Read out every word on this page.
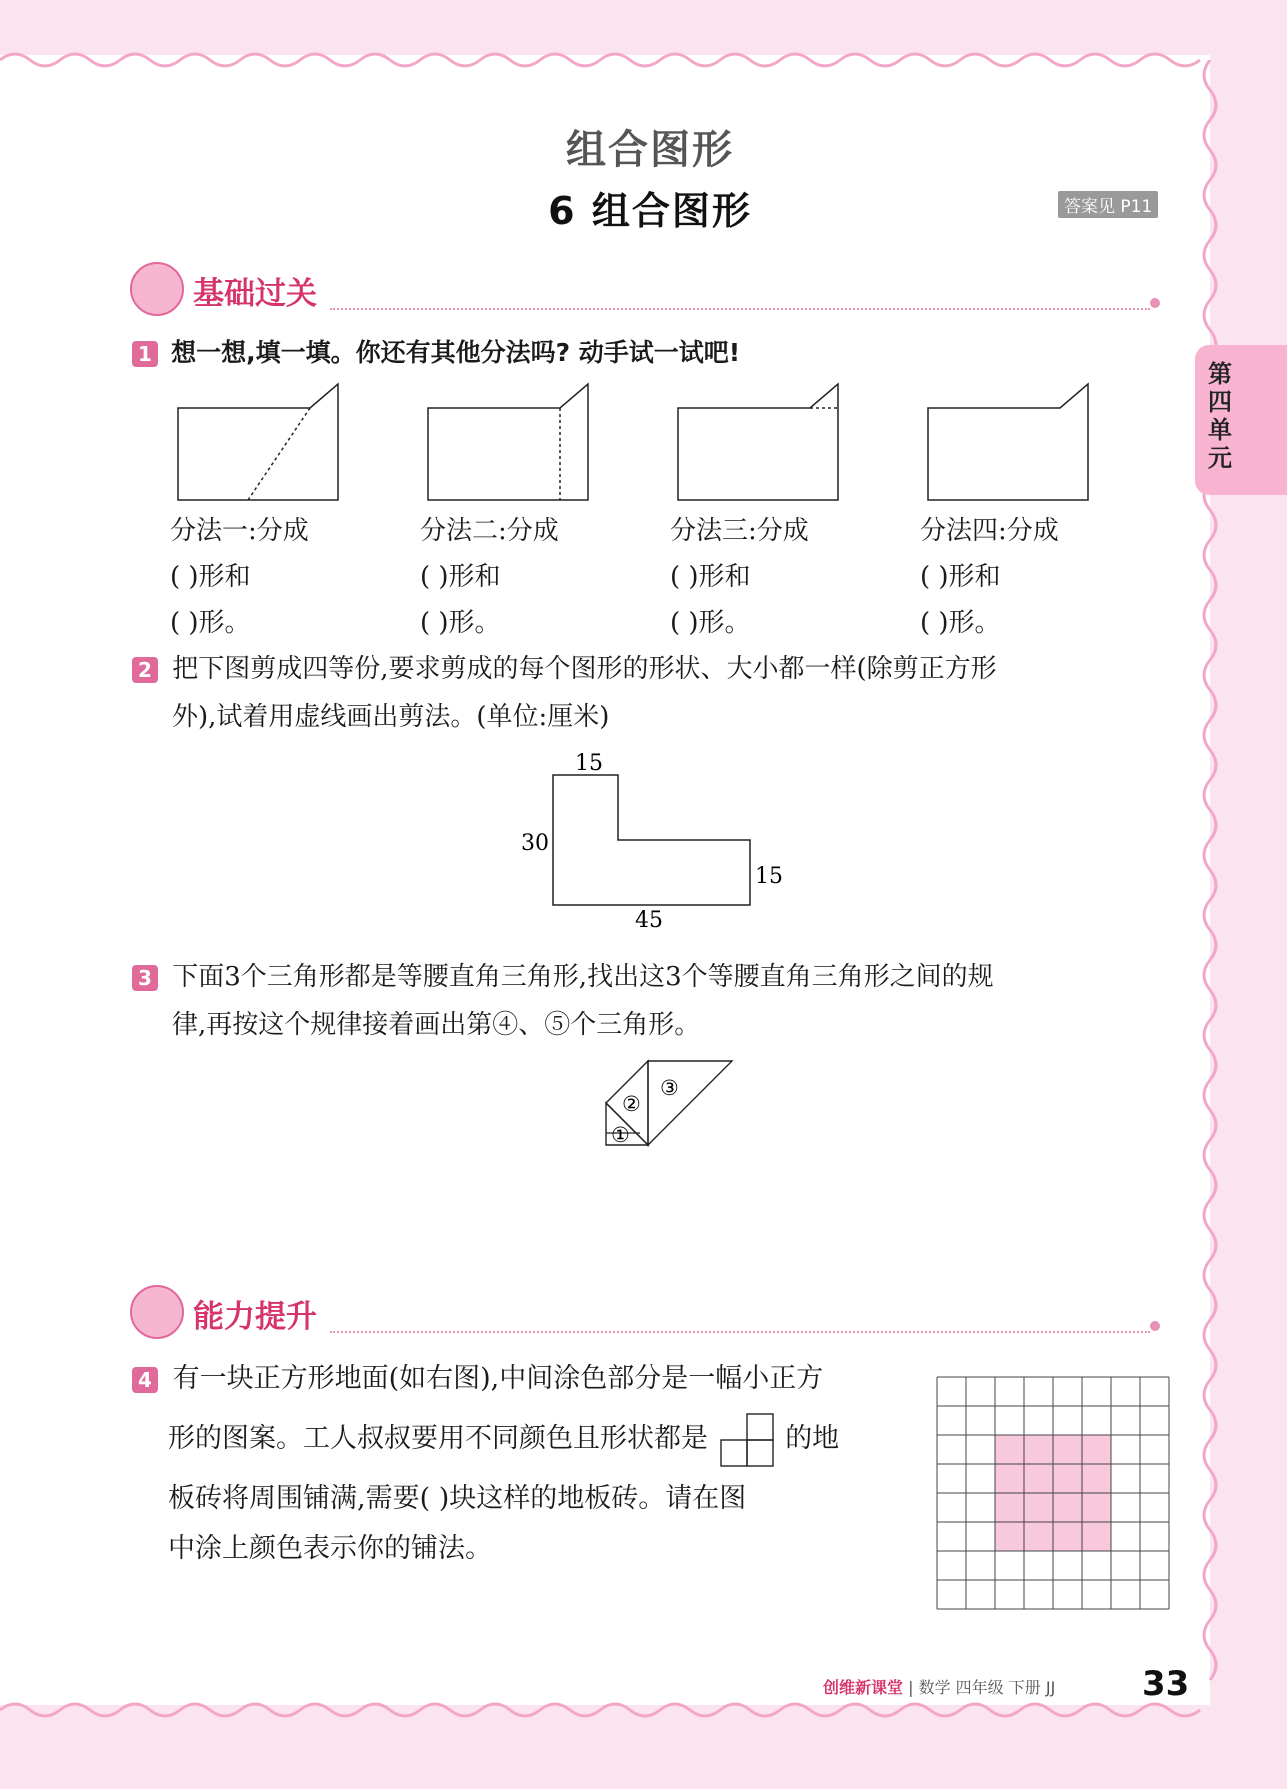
第四单元
组合图形
6 组合图形	答案见 P11
基础过关
1 想一想,填一填。你还有其他分法吗? 动手试一试吧!
分法一:分成
( )形和
( )形。
分法二:分成
( )形和
( )形。
分法三:分成
( )形和
( )形。
分法四:分成
( )形和
( )形。
2 把下图剪成四等份,要求剪成的每个图形的形状、大小都一样(除剪正方形
外),试着用虚线画出剪法。(单位:厘米)
15
30
15
45
3 下面3个三角形都是等腰直角三角形,找出这3个等腰直角三角形之间的规
律,再按这个规律接着画出第④、⑤个三角形。
①
②
③
能力提升
4 有一块正方形地面(如右图),中间涂色部分是一幅小正方
形的图案。工人叔叔要用不同颜色且形状都是	的地
板砖将周围铺满,需要( )块这样的地板砖。请在图
中涂上颜色表示你的铺法。
创维新课堂 | 数学 四年级 下册 JJ	33
